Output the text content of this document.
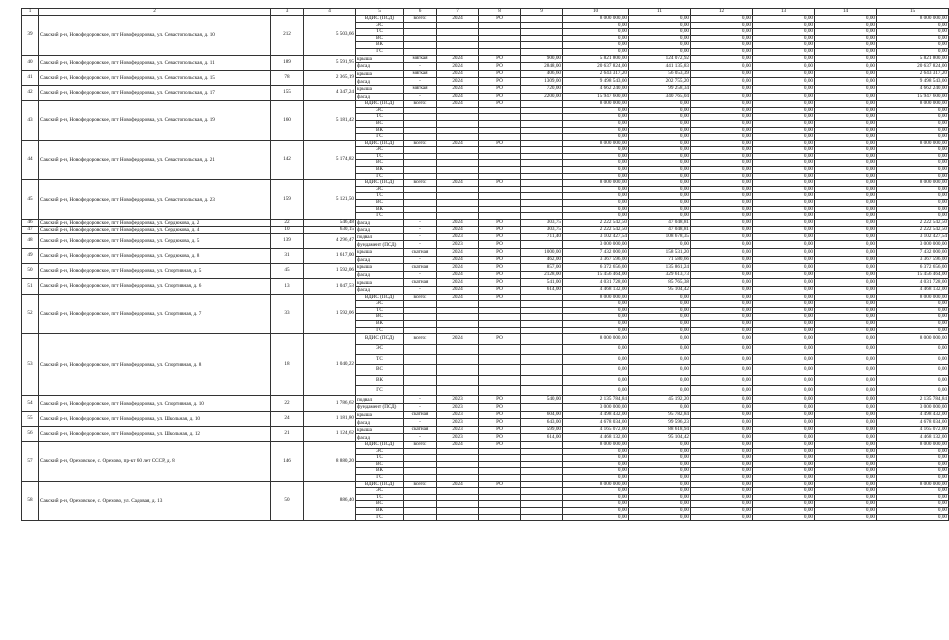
1	2	3	4	5	6	7	8	9	10	11	12	13	14	15
39	Сакский р-н, Новофедоровское, пгт Новофедоровка, ул. Севастопольская, д. 10	212	5 503,66	ВДИС (ПСД)	всего:	2024	РО		8 000 000,00	0,00	0,00	0,00	0,00	8 000 000,00
				ЭС					0,00	0,00	0,00	0,00	0,00	0,00
				ТС					0,00	0,00	0,00	0,00	0,00	0,00
				ВС					0,00	0,00	0,00	0,00	0,00	0,00
				ВК					0,00	0,00	0,00	0,00	0,00	0,00
				ГС					0,00	0,00	0,00	0,00	0,00	0,00
40	Сакский р-н, Новофедоровское, пгт Новофедоровка, ул. Севастопольская, д. 11	189	5 591,95	крыша	мягкая	2024	РО	900,00	5 821 800,00	124 072,92	0,00	0,00	0,00	5 821 800,00
				фасад	-	2024	РО	2848,00	20 637 824,00	441 135,83	0,00	0,00	0,00	20 637 824,00
41	Сакский р-н, Новофедоровское, пгт Новофедоровка, ул. Севастопольская, д. 15	78	2 365,19	крыша	мягкая	2024	РО	406,60	2 643 317,20	56 053,39	0,00	0,00	0,00	2 643 317,20
				фасад	-	2024	РО	1309,00	9 498 543,00	202 755,20	0,00	0,00	0,00	9 498 543,00
42	Сакский р-н, Новофедоровское, пгт Новофедоровка, ул. Севастопольская, д. 17	155	4 347,24	крыша	мягкая	2024	РО	720,00	4 662 240,00	99 258,34	0,00	0,00	0,00	4 662 240,00
				фасад	-	2024	РО	2200,00	15 947 600,00	340 765,04	0,00	0,00	0,00	15 947 600,00
43	Сакский р-н, Новофедоровское, пгт Новофедоровка, ул. Севастопольская, д. 19	160	5 181,42	ВДИС (ПСД)	всего:	2024	РО		8 000 000,00	0,00	0,00	0,00	0,00	8 000 000,00
				ЭС					0,00	0,00	0,00	0,00	0,00	0,00
				ТС					0,00	0,00	0,00	0,00	0,00	0,00
				ВС					0,00	0,00	0,00	0,00	0,00	0,00
				ВК					0,00	0,00	0,00	0,00	0,00	0,00
				ГС					0,00	0,00	0,00	0,00	0,00	0,00
44	Сакский р-н, Новофедоровское, пгт Новофедоровка, ул. Севастопольская, д. 21	142	5 174,82	ВДИС (ПСД)	всего:	2024	РО		8 000 000,00	0,00	0,00	0,00	0,00	8 000 000,00
				ЭС					0,00	0,00	0,00	0,00	0,00	0,00
				ТС					0,00	0,00	0,00	0,00	0,00	0,00
				ВС					0,00	0,00	0,00	0,00	0,00	0,00
				ВК					0,00	0,00	0,00	0,00	0,00	0,00
				ГС					0,00	0,00	0,00	0,00	0,00	0,00
45	Сакский р-н, Новофедоровское, пгт Новофедоровка, ул. Севастопольская, д. 23	159	5 121,50	ВДИС (ПСД)	всего:	2024	РО		8 000 000,00	0,00	0,00	0,00	0,00	8 000 000,00
				ЭС					0,00	0,00	0,00	0,00	0,00	0,00
				ТС					0,00	0,00	0,00	0,00	0,00	0,00
				ВС					0,00	0,00	0,00	0,00	0,00	0,00
				ВК					0,00	0,00	0,00	0,00	0,00	0,00
				ГС					0,00	0,00	0,00	0,00	0,00	0,00
46	Сакский р-н, Новофедоровское, пгт Новофедоровка, ул. Сердюкова, д. 2	22	546,48	фасад	-	2024	РО	303,75	2 222 542,50	47 048,81	0,00	0,00	0,00	2 222 542,50
47	Сакский р-н, Новофедоровское, пгт Новофедоровка, ул. Сердюкова, д. 4	10	630,15	фасад	-	2024	РО	303,75	2 222 542,50	47 048,81	0,00	0,00	0,00	2 222 542,50
48	Сакский р-н, Новофедоровское, пгт Новофедоровка, ул. Сердюкова, д. 5	139	4 296,47	подвал	-	2023	РО	711,40	3 102 427,54	108 678,35	0,00	0,00	0,00	3 102 427,54
				фундамент (ПСД)	-	2023	РО		3 000 000,00	0,00	0,00	0,00	0,00	3 000 000,00
49	Сакский р-н, Новофедоровское, пгт Новофедоровка, ул. Сердюкова, д. 8	31	1 617,00	крыша	скатная	2024	РО	1000,00	7 432 000,00	158 531,20	0,00	0,00	0,00	7 432 000,00
				фасад	-	2024	РО	462,00	3 367 596,00	71 580,66	0,00	0,00	0,00	3 367 596,00
50	Сакский р-н, Новофедоровское, пгт Новофедоровка, ул. Спортивная, д. 5	45	1 592,06	крыша	скатная	2024	РО	857,00	6 372 656,00	135 861,24	0,00	0,00	0,00	6 372 656,00
				фасад	-	2024	РО	2128,00	15 456 464,00	329 613,73	0,00	0,00	0,00	15 456 464,00
51	Сакский р-н, Новофедоровское, пгт Новофедоровка, ул. Спортивная, д. 6	13	1 047,53	крыша	скатная	2024	РО	541,00	4 031 728,00	85 765,38	0,00	0,00	0,00	4 031 728,00
				фасад	-	2024	РО	614,00	4 468 132,00	95 104,42	0,00	0,00	0,00	4 468 132,00
52	Сакский р-н, Новофедоровское, пгт Новофедоровка, ул. Спортивная, д. 7	33	1 592,06	ВДИС (ПСД)	всего:	2024	РО		8 000 000,00	0,00	0,00	0,00	0,00	8 000 000,00
				ЭС					0,00	0,00	0,00	0,00	0,00	0,00
				ТС					0,00	0,00	0,00	0,00	0,00	0,00
				ВС					0,00	0,00	0,00	0,00	0,00	0,00
				ВК					0,00	0,00	0,00	0,00	0,00	0,00
				ГС					0,00	0,00	0,00	0,00	0,00	0,00
53	Сакский р-н, Новофедоровское, пгт Новофедоровка, ул. Спортивная, д. 8	18	1 040,22	ВДИС (ПСД)	всего:	2024	РО		8 000 000,00	0,00	0,00	0,00	0,00	8 000 000,00
				ЭС					0,00	0,00	0,00	0,00	0,00	0,00
				ТС					0,00	0,00	0,00	0,00	0,00	0,00
				ВС					0,00	0,00	0,00	0,00	0,00	0,00
				ВК					0,00	0,00	0,00	0,00	0,00	0,00
				ГС					0,00	0,00	0,00	0,00	0,00	0,00
54	Сакский р-н, Новофедоровское, пгт Новофедоровка, ул. Спортивная, д. 10	22	1 786,62	подвал	-	2023	РО	540,00	2 135 784,84	45 192,20	0,00	0,00	0,00	2 135 784,84
				фундамент (ПСД)	-	2023	РО		3 000 000,00	0,00	0,00	0,00	0,00	3 000 000,00
55	Сакский р-н, Новофедоровское, пгт Новофедоровка, ул. Школьная, д. 10	24	1 181,80	крыша	скатная	2023	РО	604,00	4 498 432,00	95 782,84	0,00	0,00	0,00	4 498 432,00
				фасад	-	2023	РО	643,00	4 678 034,00	99 596,23	0,00	0,00	0,00	4 678 034,00
56	Сакский р-н, Новофедоровское, пгт Новофедоровка, ул. Школьная, д. 12	21	1 124,62	крыша	скатная	2023	РО	599,00	4 165 072,00	88 618,94	0,00	0,00	0,00	4 165 072,00
				фасад	-	2023	РО	614,00	4 468 132,00	95 104,42	0,00	0,00	0,00	4 468 132,00
57	Сакский р-н, Ореховское, с. Орехово, пр-кт 60 лет СССР, д. 8	146	8 880,20	ВДИС (ПСД)	всего:	2024	РО		8 000 000,00	0,00	0,00	0,00	0,00	8 000 000,00
				ЭС					0,00	0,00	0,00	0,00	0,00	0,00
				ТС					0,00	0,00	0,00	0,00	0,00	0,00
				ВС					0,00	0,00	0,00	0,00	0,00	0,00
				ВК					0,00	0,00	0,00	0,00	0,00	0,00
				ГС					0,00	0,00	0,00	0,00	0,00	0,00
58	Сакский р-н, Ореховское, с. Орехово, ул. Садовая, д. 13	50	886,40	ВДИС (ПСД)	всего:	2024	РО		8 000 000,00	0,00	0,00	0,00	0,00	8 000 000,00
				ЭС					0,00	0,00	0,00	0,00	0,00	0,00
				ТС					0,00	0,00	0,00	0,00	0,00	0,00
				ВС					0,00	0,00	0,00	0,00	0,00	0,00
				ВК					0,00	0,00	0,00	0,00	0,00	0,00
				ГС					0,00	0,00	0,00	0,00	0,00	0,00
